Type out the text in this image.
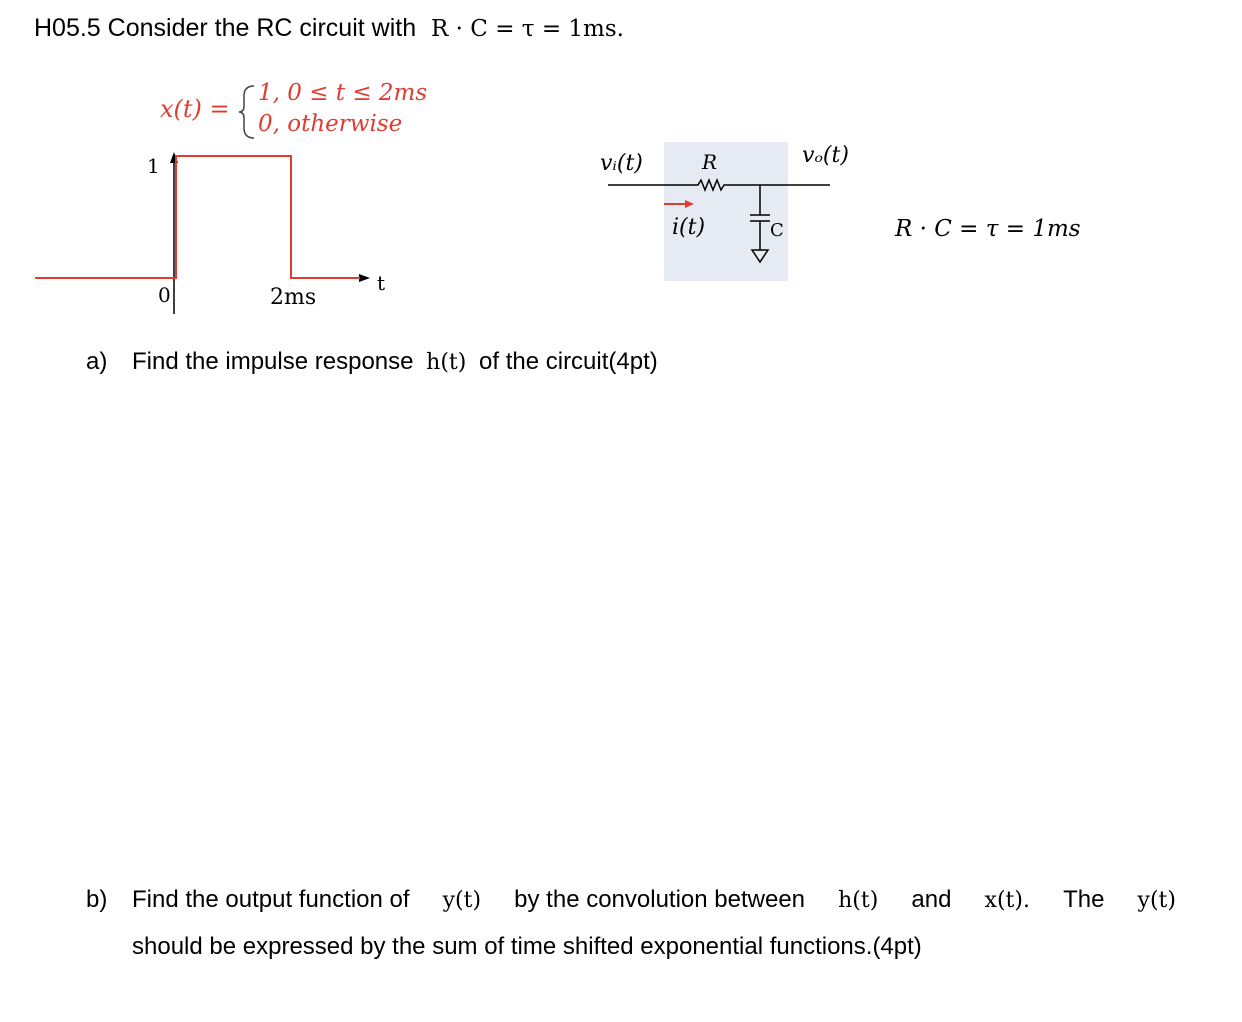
H05.5 Consider the RC circuit with R · C = τ = 1ms.
x(t) =
1, 0 ≤ t ≤ 2ms
0, otherwise
1
0	2ms
t
vᵢ(t)	R	vₒ(t)
i(t)	C	R · C = τ = 1ms
a) Find the impulse response h(t) of the circuit(4pt)
b) Find the output function of y(t) by the convolution between h(t) and x(t). The y(t)
should be expressed by the sum of time shifted exponential functions.(4pt)
